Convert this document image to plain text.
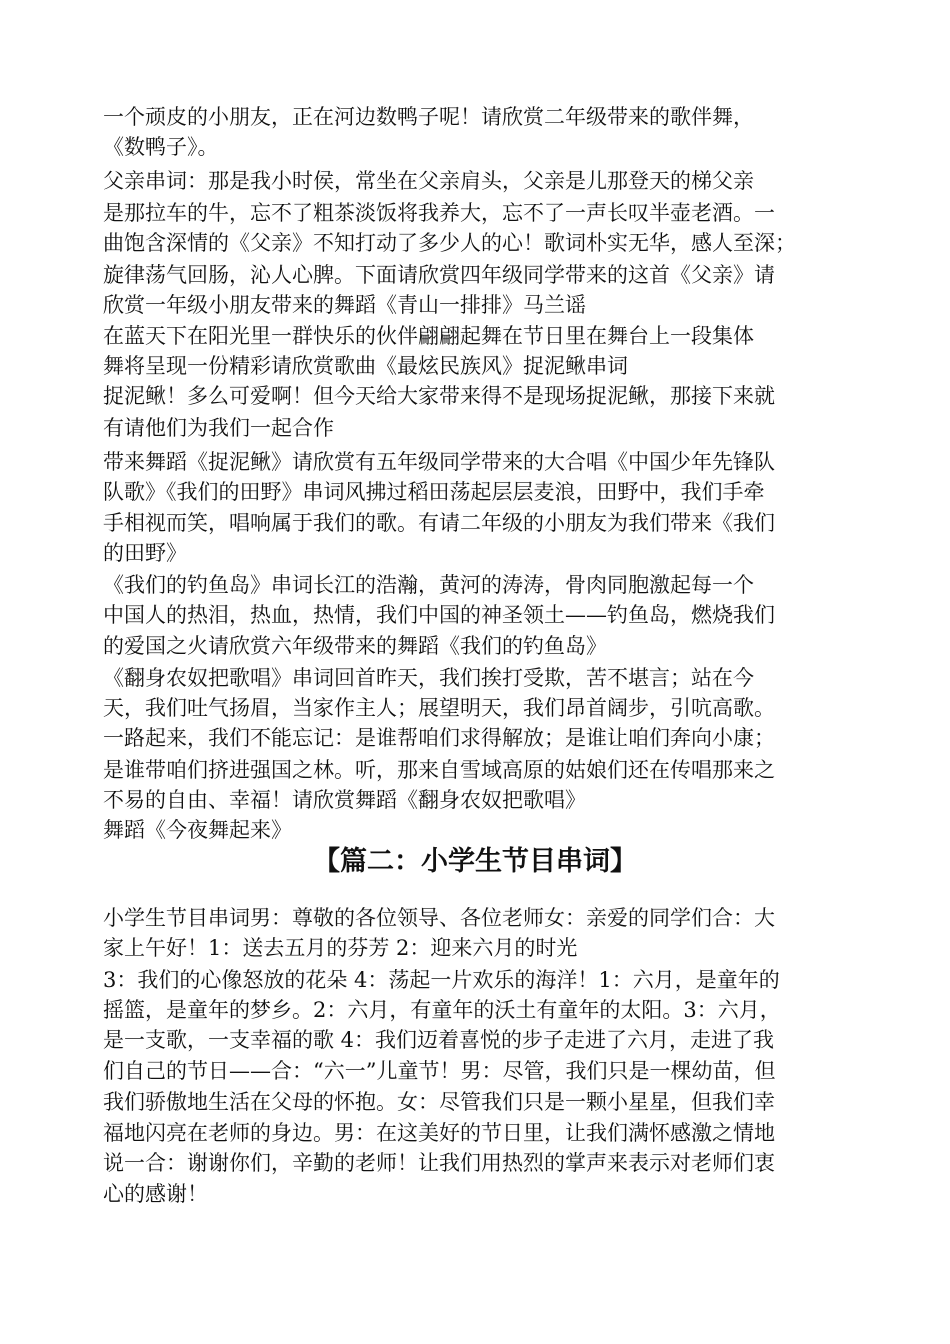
一个顽皮的小朋友，正在河边数鸭子呢！请欣赏二年级带来的歌伴舞，

《数鸭子》。

父亲串词：那是我小时侯，常坐在父亲肩头，父亲是儿那登天的梯父亲

是那拉车的牛，忘不了粗茶淡饭将我养大，忘不了一声长叹半壶老酒。一

曲饱含深情的《父亲》不知打动了多少人的心！歌词朴实无华，感人至深；

旋律荡气回肠，沁人心脾。下面请欣赏四年级同学带来的这首《父亲》请

欣赏一年级小朋友带来的舞蹈《青山一排排》马兰谣

在蓝天下在阳光里一群快乐的伙伴翩翩起舞在节日里在舞台上一段集体

舞将呈现一份精彩请欣赏歌曲《最炫民族风》捉泥鳅串词

捉泥鳅！多么可爱啊！但今天给大家带来得不是现场捉泥鳅，那接下来就

有请他们为我们一起合作

带来舞蹈《捉泥鳅》请欣赏有五年级同学带来的大合唱《中国少年先锋队

队歌》《我们的田野》串词风拂过稻田荡起层层麦浪，田野中，我们手牵

手相视而笑，唱响属于我们的歌。有请二年级的小朋友为我们带来《我们

的田野》

《我们的钓鱼岛》串词长江的浩瀚，黄河的涛涛，骨肉同胞激起每一个

中国人的热泪，热血，热情，我们中国的神圣领土——钓鱼岛，燃烧我们

的爱国之火请欣赏六年级带来的舞蹈《我们的钓鱼岛》

《翻身农奴把歌唱》串词回首昨天，我们挨打受欺，苦不堪言；站在今

天，我们吐气扬眉，当家作主人；展望明天，我们昂首阔步，引吭高歌。

一路起来，我们不能忘记：是谁帮咱们求得解放；是谁让咱们奔向小康；

是谁带咱们挤进强国之林。听，那来自雪域高原的姑娘们还在传唱那来之

不易的自由、幸福！请欣赏舞蹈《翻身农奴把歌唱》

舞蹈《今夜舞起来》

【篇二：小学生节目串词】

小学生节目串词男：尊敬的各位领导、各位老师女：亲爱的同学们合：大

家上午好！1：送去五月的芬芳 2：迎来六月的时光

3：我们的心像怒放的花朵 4：荡起一片欢乐的海洋！1：六月，是童年的

摇篮，是童年的梦乡。2：六月，有童年的沃土有童年的太阳。3：六月，

是一支歌，一支幸福的歌 4：我们迈着喜悦的步子走进了六月，走进了我

们自己的节日——合：“六一”儿童节！男：尽管，我们只是一棵幼苗，但

我们骄傲地生活在父母的怀抱。女：尽管我们只是一颗小星星，但我们幸

福地闪亮在老师的身边。男：在这美好的节日里，让我们满怀感激之情地

说一合：谢谢你们，辛勤的老师！让我们用热烈的掌声来表示对老师们衷

心的感谢！
